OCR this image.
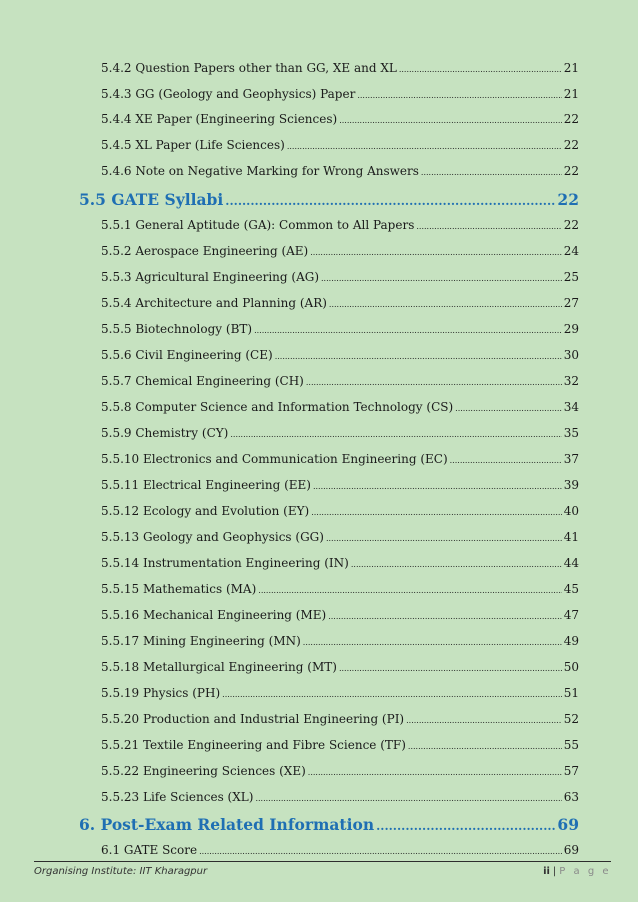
5.4.2 Question Papers other than GG, XE and XL .....	21
5.4.3 GG (Geology and Geophysics) Paper .....	21
5.4.4 XE Paper (Engineering Sciences) .....	22
5.4.5 XL Paper (Life Sciences) .....	22
5.4.6 Note on Negative Marking for Wrong Answers .....	22
5.5 GATE Syllabi .....	22
5.5.1 General Aptitude (GA): Common to All Papers .....	22
5.5.2 Aerospace Engineering (AE) .....	24
5.5.3 Agricultural Engineering (AG) .....	25
5.5.4 Architecture and Planning (AR) .....	27
5.5.5 Biotechnology (BT) .....	29
5.5.6 Civil Engineering (CE) .....	30
5.5.7 Chemical Engineering (CH) .....	32
5.5.8 Computer Science and Information Technology (CS) .....	34
5.5.9 Chemistry (CY) .....	35
5.5.10 Electronics and Communication Engineering (EC) .....	37
5.5.11 Electrical Engineering (EE) .....	39
5.5.12 Ecology and Evolution (EY) .....	40
5.5.13 Geology and Geophysics (GG) .....	41
5.5.14 Instrumentation Engineering (IN) .....	44
5.5.15 Mathematics (MA) .....	45
5.5.16 Mechanical Engineering (ME) .....	47
5.5.17 Mining Engineering (MN) .....	49
5.5.18 Metallurgical Engineering (MT) .....	50
5.5.19 Physics (PH) .....	51
5.5.20 Production and Industrial Engineering (PI) .....	52
5.5.21 Textile Engineering and Fibre Science (TF) .....	55
5.5.22 Engineering Sciences (XE) .....	57
5.5.23 Life Sciences (XL) .....	63
6. Post-Exam Related Information .....	69
6.1 GATE Score .....	69
Organising Institute: IIT Kharagpur	ii | P a g e
